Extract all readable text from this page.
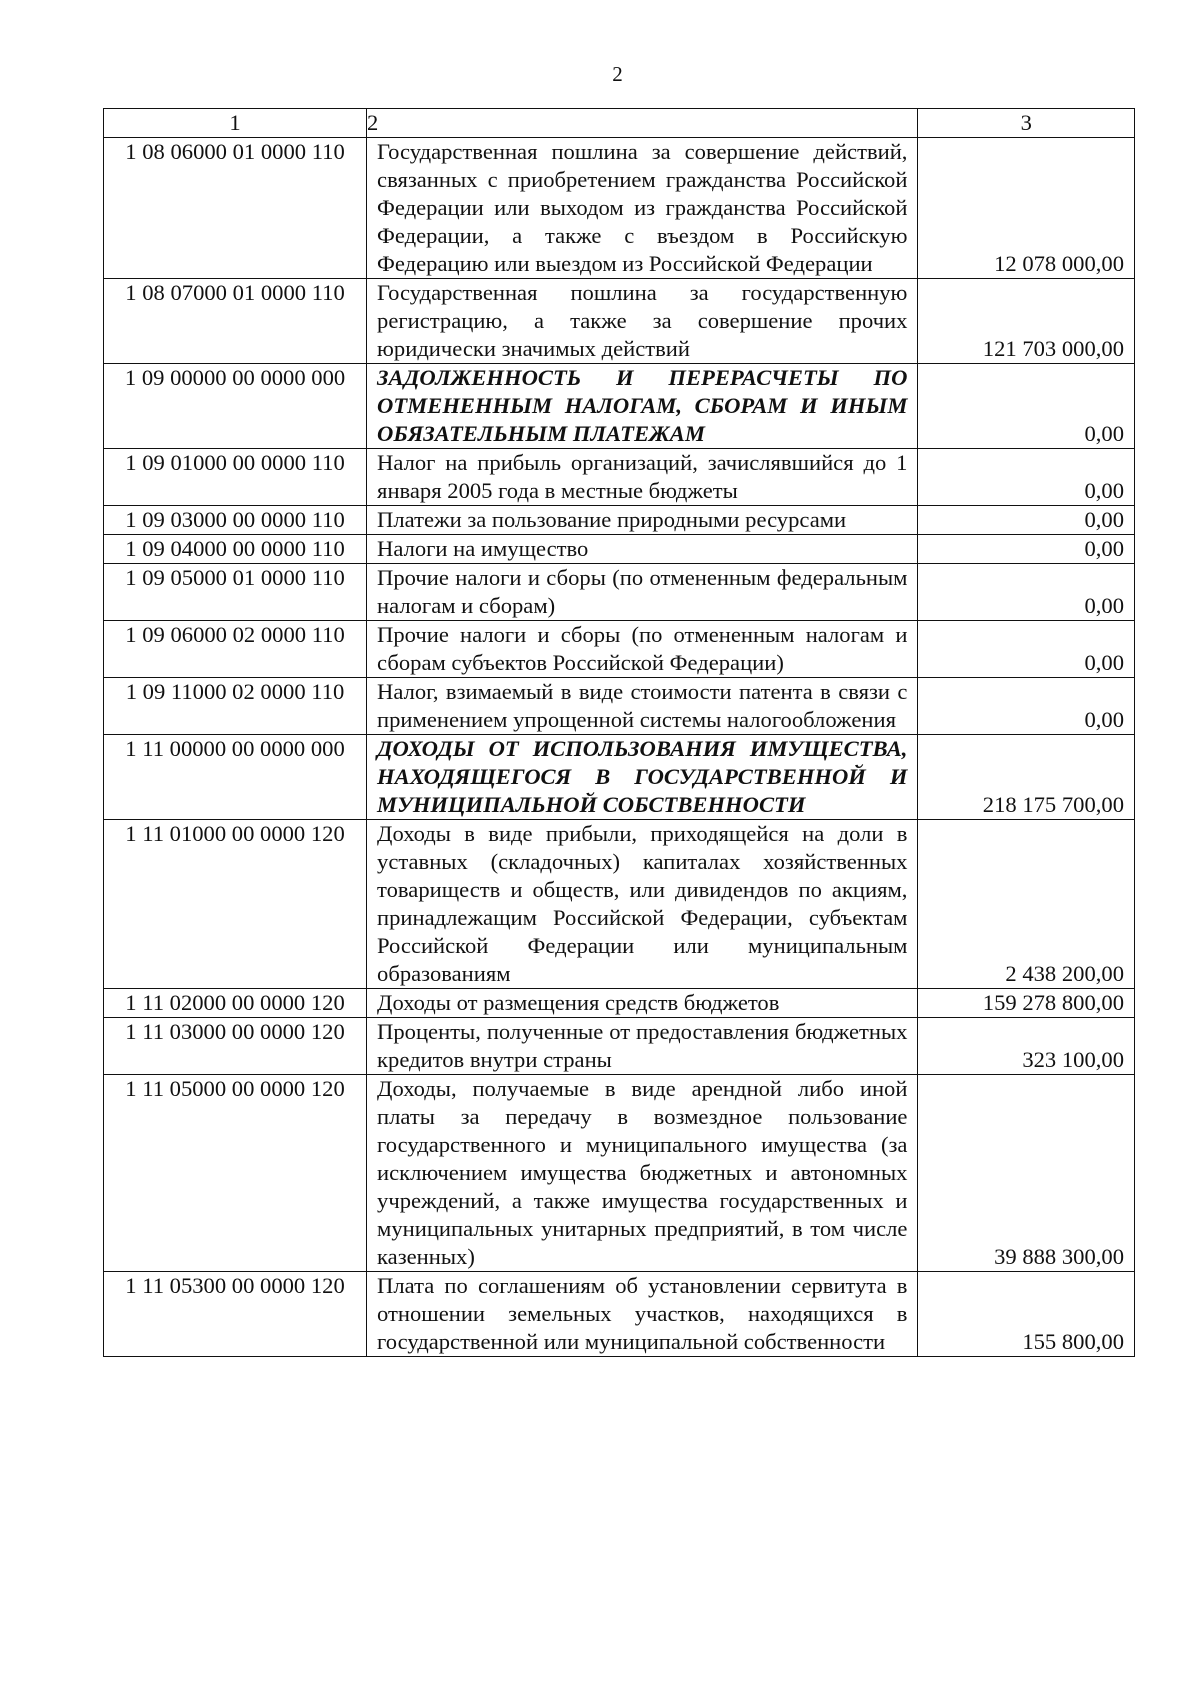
2
1	2	3
1 08 06000 01 0000 110	Государственная пошлина за совершение действий, связанных с приобретением гражданства Российской Федерации или выходом из гражданства Российской Федерации, а также с въездом в Российскую Федерацию или выездом из Российской Федерации	12 078 000,00
1 08 07000 01 0000 110	Государственная пошлина за государственную регистрацию, а также за совершение прочих юридически значимых действий	121 703 000,00
1 09 00000 00 0000 000	ЗАДОЛЖЕННОСТЬ И ПЕРЕРАСЧЕТЫ ПО ОТМЕНЕННЫМ НАЛОГАМ, СБОРАМ И ИНЫМ ОБЯЗАТЕЛЬНЫМ ПЛАТЕЖАМ	0,00
1 09 01000 00 0000 110	Налог на прибыль организаций, зачислявшийся до 1 января 2005 года в местные бюджеты	0,00
1 09 03000 00 0000 110	Платежи за пользование природными ресурсами	0,00
1 09 04000 00 0000 110	Налоги на имущество	0,00
1 09 05000 01 0000 110	Прочие налоги и сборы (по отмененным федеральным налогам и сборам)	0,00
1 09 06000 02 0000 110	Прочие налоги и сборы (по отмененным налогам и сборам субъектов Российской Федерации)	0,00
1 09 11000 02 0000 110	Налог, взимаемый в виде стоимости патента в связи с применением упрощенной системы налогообложения	0,00
1 11 00000 00 0000 000	ДОХОДЫ ОТ ИСПОЛЬЗОВАНИЯ ИМУЩЕСТВА, НАХОДЯЩЕГОСЯ В ГОСУДАРСТВЕННОЙ И МУНИЦИПАЛЬНОЙ СОБСТВЕННОСТИ	218 175 700,00
1 11 01000 00 0000 120	Доходы в виде прибыли, приходящейся на доли в уставных (складочных) капиталах хозяйственных товариществ и обществ, или дивидендов по акциям, принадлежащим Российской Федерации, субъектам Российской Федерации или муниципальным образованиям	2 438 200,00
1 11 02000 00 0000 120	Доходы от размещения средств бюджетов	159 278 800,00
1 11 03000 00 0000 120	Проценты, полученные от предоставления бюджетных кредитов внутри страны	323 100,00
1 11 05000 00 0000 120	Доходы, получаемые в виде арендной либо иной платы за передачу в возмездное пользование государственного и муниципального имущества (за исключением имущества бюджетных и автономных учреждений, а также имущества государственных и муниципальных унитарных предприятий, в том числе казенных)	39 888 300,00
1 11 05300 00 0000 120	Плата по соглашениям об установлении сервитута в отношении земельных участков, находящихся в государственной или муниципальной собственности	155 800,00
